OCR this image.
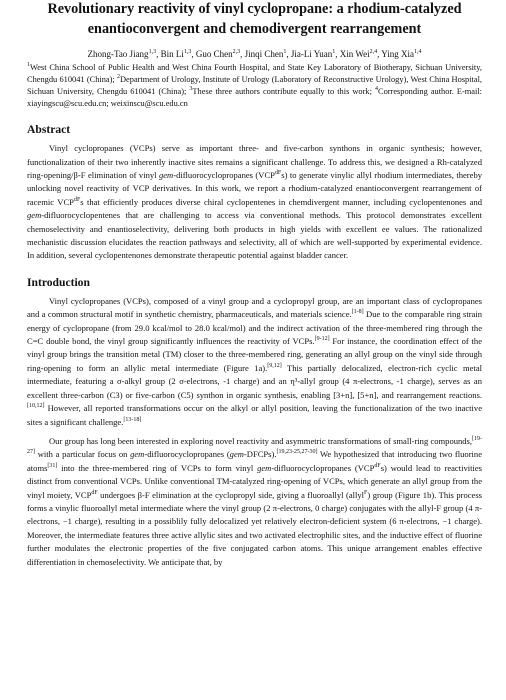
Revolutionary reactivity of vinyl cyclopropane: a rhodium-catalyzed enantioconvergent and chemodivergent rearrangement
Zhong-Tao Jiang$^{1,3}$, Bin Li$^{1,3}$, Guo Chen$^{2,3}$, Jinqi Chen$^1$, Jia-Li Yuan$^1$, Xin Wei$^{2,4}$, Ying Xia$^{1,4}$
$^1$West China School of Public Health and West China Fourth Hospital, and State Key Laboratory of Biotherapy, Sichuan University, Chengdu 610041 (China); $^2$Department of Urology, Institute of Urology (Laboratory of Reconstructive Urology), West China Hospital, Sichuan University, Chengdu 610041 (China); $^3$These three authors contribute equally to this work; $^4$Corresponding author. E-mail: xiayingscu@scu.edu.cn; weixinscu@scu.edu.cn
Abstract

Vinyl cyclopropanes (VCPs) serve as important three- and five-carbon synthons in organic synthesis; however, functionalization of their two inherently inactive sites remains a significant challenge. To address this, we designed a Rh-catalyzed ring-opening/β-F elimination of vinyl gem-difluorocyclopropanes $(VCP^{dF}s)$ to generate vinylic allyl rhodium intermediates, thereby unlocking novel reactivity of VCP derivatives. In this work, we report a rhodium-catalyzed enantioconvergent rearrangement of racemic $VCP^{dF}s$ that efficiently produces diverse chiral cyclopentenes in chemdivergent manner, including cyclopentenones and gem-difluorocyclopentenes that are challenging to access via conventional methods. This protocol demonstrates excellent chemoselectivity and enantioselectivity, delivering both products in high yields with excellent ee values. The rationalized mechanistic discussion elucidates the reaction pathways and selectivity, all of which are well-supported by experimental evidence. In addition, several cyclopentenones demonstrate therapeutic potential against bladder cancer.

Introduction

Vinyl cyclopropanes (VCPs), composed of a vinyl group and a cyclopropyl group, are an important class of cyclopropanes and a common structural motif in synthetic chemistry, pharmaceuticals, and materials science.[1-8] Due to the comparable ring strain energy of cyclopropane (from 29.0 kcal/mol to 28.0 kcal/mol) and the indirect activation of the three-membered ring through the C=C double bond, the vinyl group significantly influences the reactivity of VCPs.[9-12] For instance, the coordination effect of the vinyl group brings the transition metal (TM) closer to the three-membered ring, generating an allyl group on the vinyl side through ring-opening to form an allylic metal intermediate (Figure 1a).[9,12] This partially delocalized, electron-rich cyclic metal intermediate, featuring a σ-alkyl group (2 σ-electrons, -1 charge) and an η³-allyl group (4 π-electrons, -1 charge), serves as an excellent three-carbon (C3) or five-carbon (C5) synthon in organic synthesis, enabling [3+n], [5+n], and rearrangement reactions.[10,12] However, all reported transformations occur on the alkyl or allyl position, leaving the functionalization of the two inactive sites a significant challenge.[13-18]

Our group has long been interested in exploring novel reactivity and asymmetric transformations of small-ring compounds,[19-27] with a particular focus on gem-difluorocyclopropanes (gem-DFCPs).[19,23-25,27-30] We hypothesized that introducing two fluorine atoms[31] into the three-membered ring of VCPs to form vinyl gem-difluorocyclopropanes $(VCP^{dF}s)$ would lead to reactivities distinct from conventional VCPs. Unlike conventional TM-catalyzed ring-opening of VCPs, which generate an allyl group from the vinyl moiety, $VCP^{dF}$ undergoes β-F elimination at the cyclopropyl side, giving a fluoroallyl (allyl$^F$) group (Figure 1b). This process forms a vinylic fluoroallyl metal intermediate where the vinyl group (2 π-electrons, 0 charge) conjugates with the allyl-F group (4 π-electrons, −1 charge), resulting in a possiblily fully delocalized yet relatively electron-deficient system (6 π-electrons, −1 charge). Moreover, the intermediate features three active allylic sites and two activated electrophilic sites, and the inductive effect of fluorine further modulates the electronic properties of the five conjugated carbon atoms. This unique arrangement enables effective differentiation in chemoselectivity. We anticipate that, by
